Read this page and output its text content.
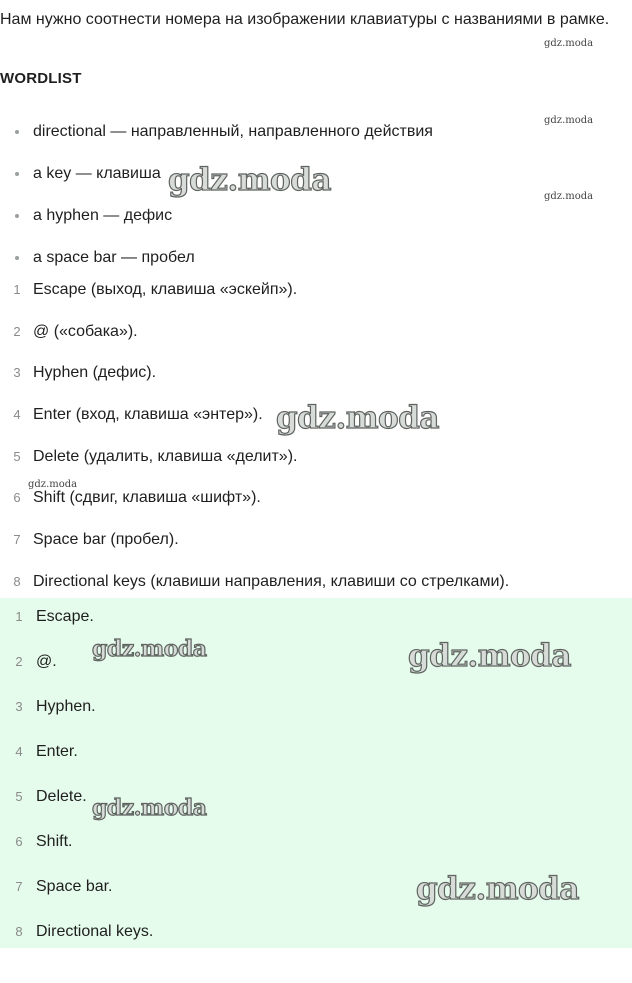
Нам нужно соотнести номера на изображении клавиатуры с названиями в рамке.

WORDLIST
directional — направленный, направленного действия
a key — клавиша
a hyphen — дефис
a space bar — пробел
1 Escape (выход, клавиша «эскейп»).
2 @ («собака»).
3 Hyphen (дефис).
4 Enter (вход, клавиша «энтер»).
5 Delete (удалить, клавиша «делит»).
6 Shift (сдвиг, клавиша «шифт»).
7 Space bar (пробел).
8 Directional keys (клавиши направления, клавиши со стрелками).
1 Escape.
2 @.
3 Hyphen.
4 Enter.
5 Delete.
6 Shift.
7 Space bar.
8 Directional keys.
gdz.moda
gdz.moda
gdz.moda
gdz.moda
gdz.moda
gdz.moda
gdz.moda	gdz.moda
gdz.moda
gdz.moda
